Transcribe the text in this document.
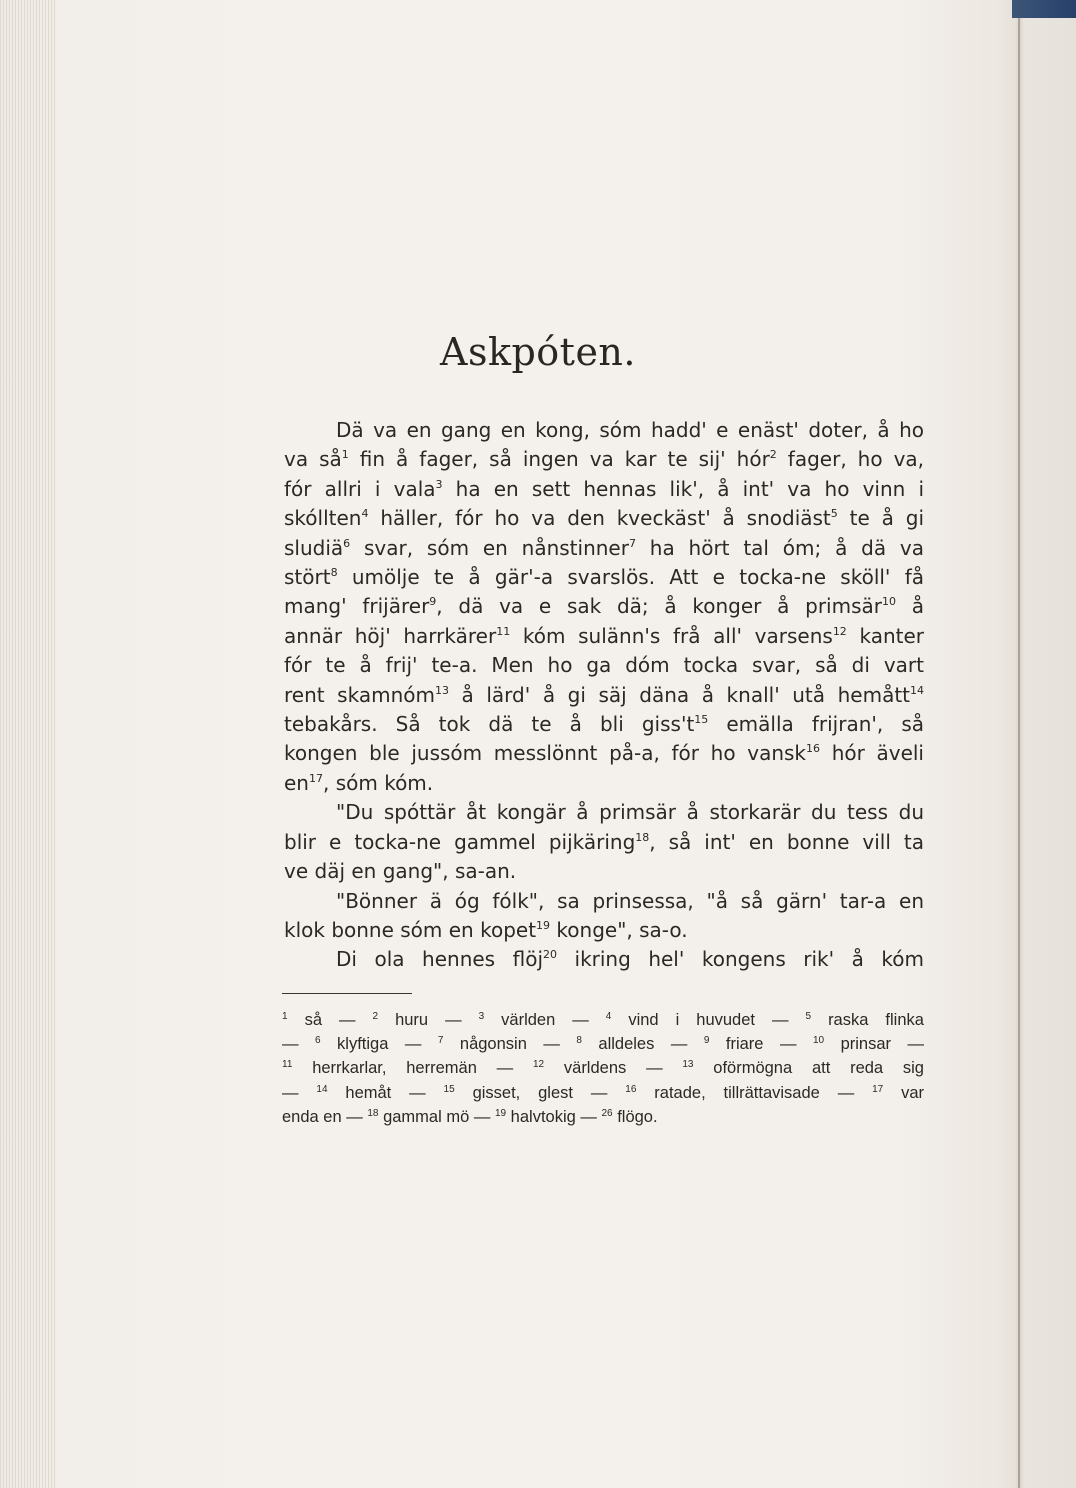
Askpóten.

Dä va en gang en kong, sóm hadd' e enäst' doter, å ho
va $så^1$ fin å fager, så ingen va kar te sij' hór$^2$ fager, ho va,
fór allri i vala$^3$ ha en sett hennas lik', å int' va ho vinn i
skóllten$^4$ häller, fór ho va den kveckäst' å snodiäst$^5$ te å gi
sludiä$^6$ svar, sóm en nånstinner$^7$ ha hört tal óm; å dä va
stört$^8$ umölje te å gär'-a svarslös. Att e tocka-ne sköll' få
mang' frijärer$^9$, dä va e sak dä; å konger å primsär$^{10}$ å
annär höj' harrkärer$^{11}$ kóm sulänn's frå all' varsens$^{12}$ kanter
fór te å frij' te-a. Men ho ga dóm tocka svar, så di vart
rent skamnóm$^{13}$ å lärd' å gi säj däna å knall' utå hemått$^{14}$
tebakårs. Så tok dä te å bli $giss't^{15}$ emälla frijran', så
kongen ble jussóm messlönnt på-a, fór ho vansk$^{16}$ hór äveli
$en^{17}$, sóm kóm.

"Du spóttär åt kongär å primsär å storkarär du tess du
blir e tocka-ne gammel pijkäring$^{18}$, så int' en bonne vill ta
ve däj en gang", sa-an.

"Bönner ä óg fólk", sa prinsessa, "å så gärn' tar-a en
klok bonne sóm en kopet$^{19}$ konge", sa-o.

Di ola hennes flöj$^{20}$ ikring hel' kongens rik' å kóm

$^1$ så — $^2$ huru — $^3$ världen — $^4$ vind i huvudet — $^5$ raska flinka
— $^6$ klyftiga — $^7$ någonsin — $^8$ alldeles — $^9$ friare — $^{10}$ prinsar —
$^{11}$ herrkarlar, herremän — $^{12}$ världens — $^{13}$ oförmögna att reda sig
— $^{14}$ hemåt — $^{15}$ gisset, glest — $^{16}$ ratade, tillrättavisade — $^{17}$ var
enda en — $^{18}$ gammal mö — $^{19}$ halvtokig — $^{26}$ flögo.
